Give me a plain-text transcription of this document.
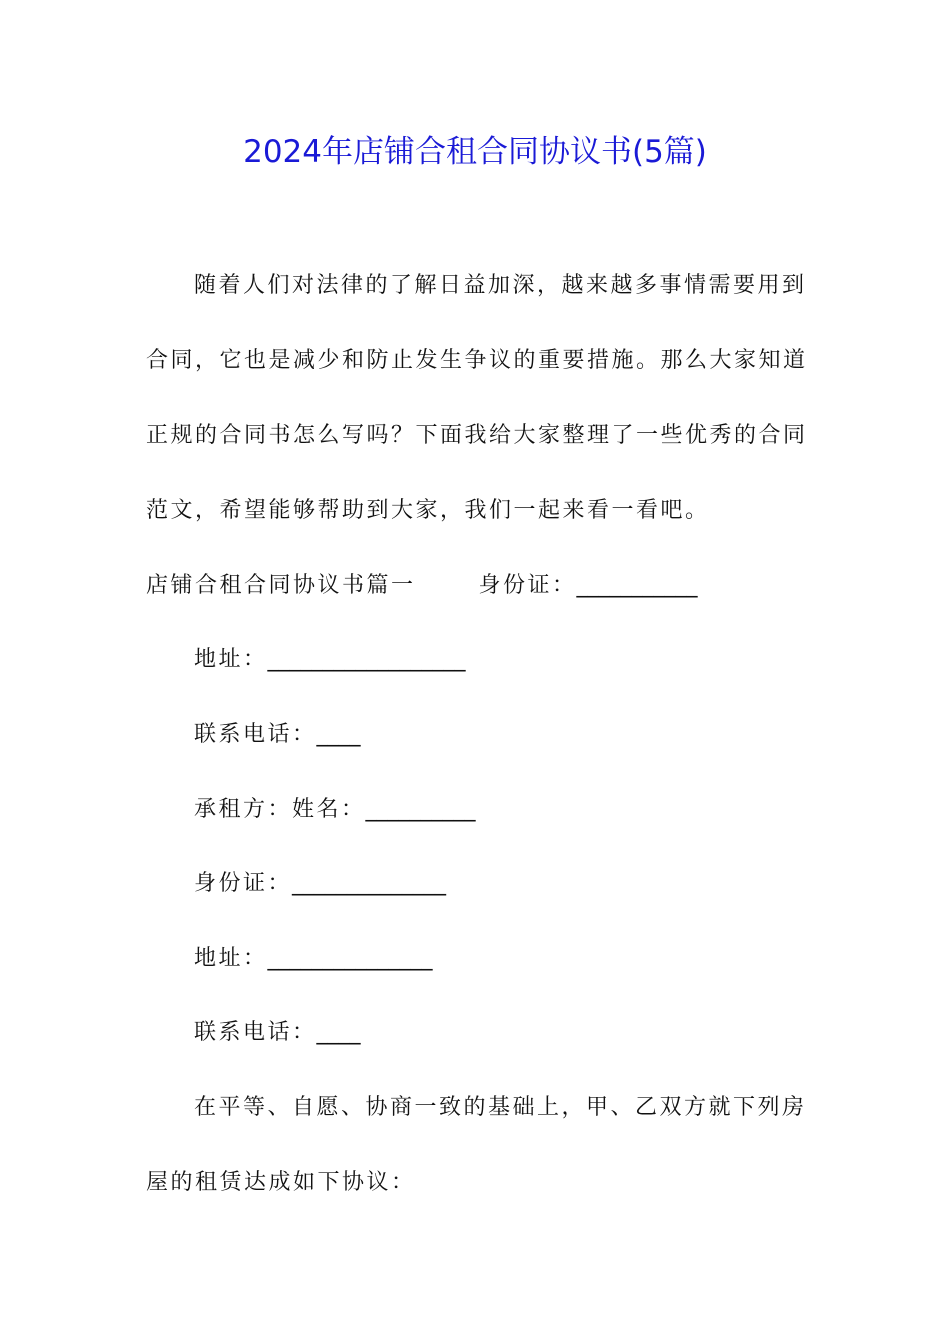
2024年店铺合租合同协议书(5篇)
随着人们对法律的了解日益加深，越来越多事情需要用到
合同，它也是减少和防止发生争议的重要措施。那么大家知道
正规的合同书怎么写吗？下面我给大家整理了一些优秀的合同
范文，希望能够帮助到大家，我们一起来看一看吧。
店铺合租合同协议书篇一	身份证：___________
地址：__________________
联系电话：____
承租方：姓名：__________
身份证：______________
地址：_______________
联系电话：____
在平等、自愿、协商一致的基础上，甲、乙双方就下列房
屋的租赁达成如下协议：
